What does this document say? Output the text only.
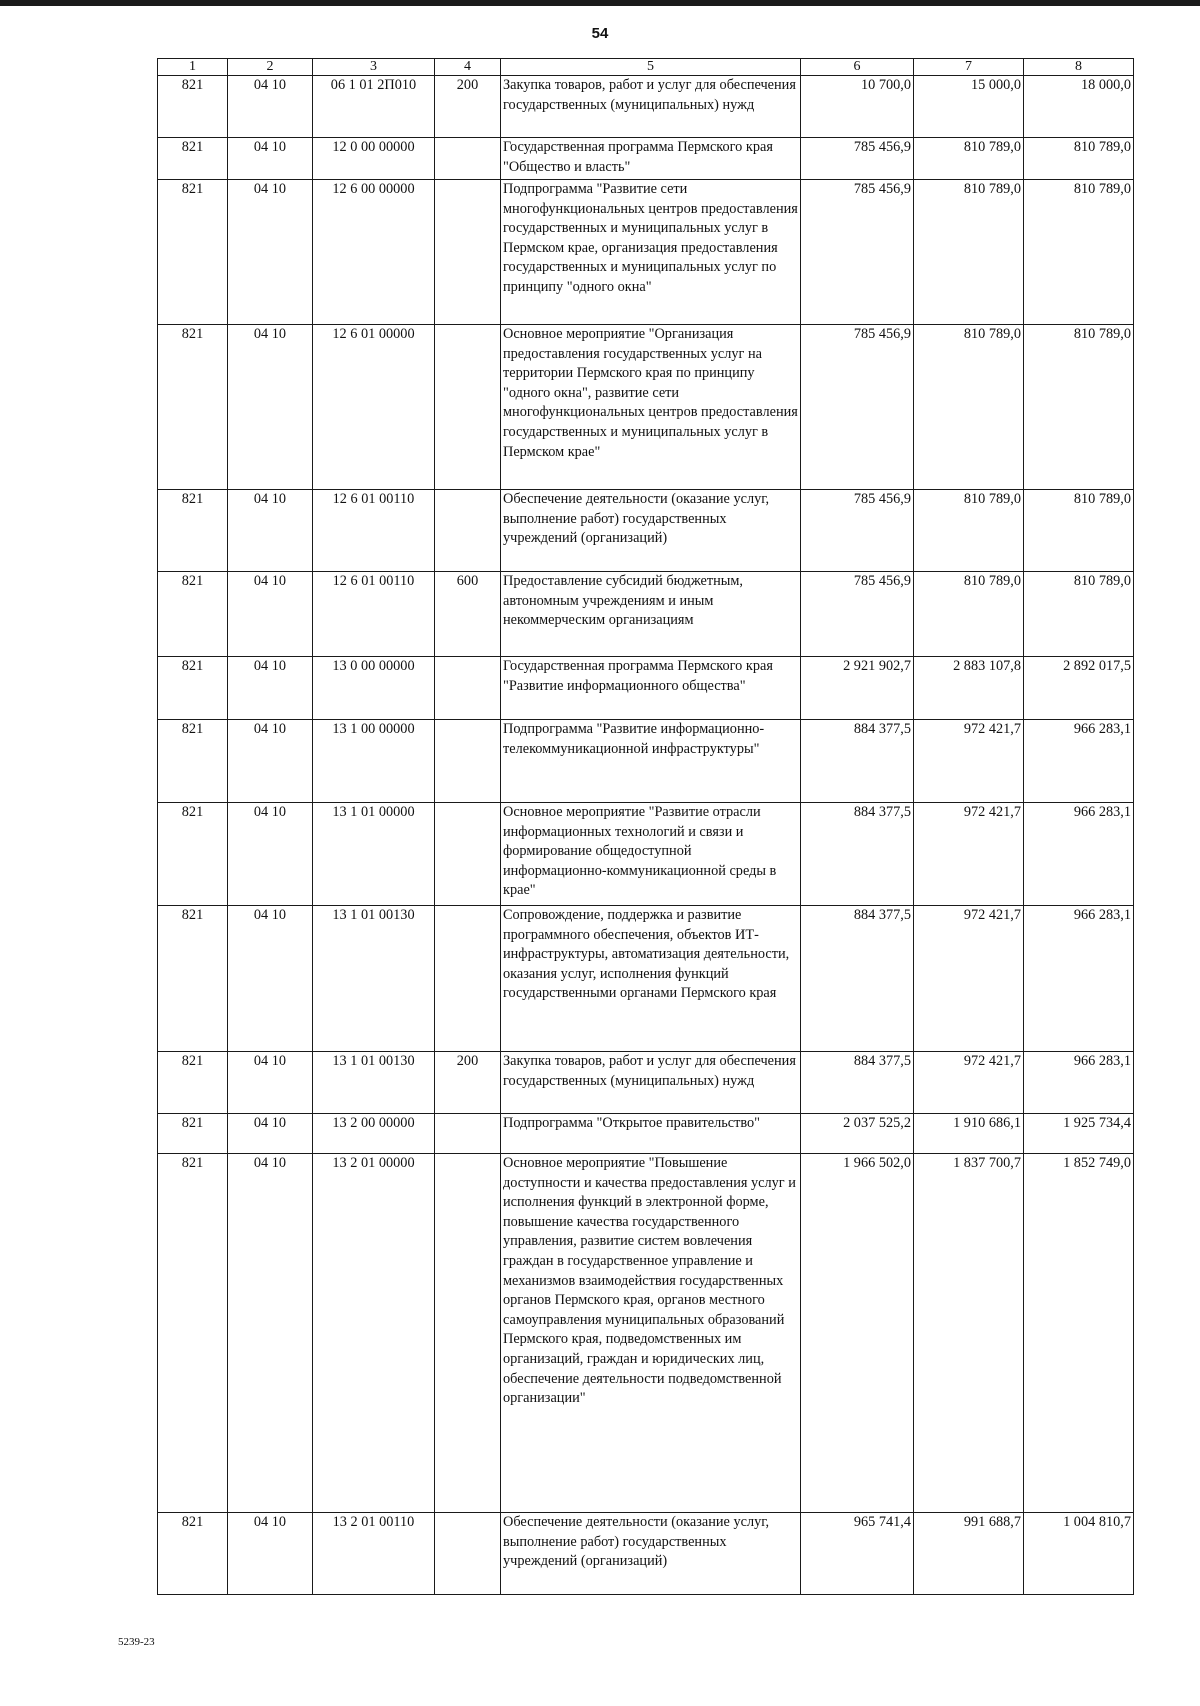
54
1	2	3	4	5	6	7	8
821	04 10	06 1 01 2П010	200	Закупка товаров, работ и услуг для обеспечения государственных (муниципальных) нужд	10 700,0	15 000,0	18 000,0
821	04 10	12 0 00 00000		Государственная программа Пермского края "Общество и власть"	785 456,9	810 789,0	810 789,0
821	04 10	12 6 00 00000		Подпрограмма "Развитие сети многофункциональных центров предоставления государственных и муниципальных услуг в Пермском крае, организация предоставления государственных и муниципальных услуг по принципу "одного окна"	785 456,9	810 789,0	810 789,0
821	04 10	12 6 01 00000		Основное мероприятие "Организация предоставления государственных услуг на территории Пермского края по принципу "одного окна", развитие сети многофункциональных центров предоставления государственных и муниципальных услуг в Пермском крае"	785 456,9	810 789,0	810 789,0
821	04 10	12 6 01 00110		Обеспечение деятельности (оказание услуг, выполнение работ) государственных учреждений (организаций)	785 456,9	810 789,0	810 789,0
821	04 10	12 6 01 00110	600	Предоставление субсидий бюджетным, автономным учреждениям и иным некоммерческим организациям	785 456,9	810 789,0	810 789,0
821	04 10	13 0 00 00000		Государственная программа Пермского края "Развитие информационного общества"	2 921 902,7	2 883 107,8	2 892 017,5
821	04 10	13 1 00 00000		Подпрограмма "Развитие информационно-телекоммуникационной инфраструктуры"	884 377,5	972 421,7	966 283,1
821	04 10	13 1 01 00000		Основное мероприятие "Развитие отрасли информационных технологий и связи и формирование общедоступной информационно-коммуникационной среды в крае"	884 377,5	972 421,7	966 283,1
821	04 10	13 1 01 00130		Сопровождение, поддержка и развитие программного обеспечения, объектов ИТ-инфраструктуры, автоматизация деятельности, оказания услуг, исполнения функций государственными органами Пермского края	884 377,5	972 421,7	966 283,1
821	04 10	13 1 01 00130	200	Закупка товаров, работ и услуг для обеспечения государственных (муниципальных) нужд	884 377,5	972 421,7	966 283,1
821	04 10	13 2 00 00000		Подпрограмма "Открытое правительство"	2 037 525,2	1 910 686,1	1 925 734,4
821	04 10	13 2 01 00000		Основное мероприятие "Повышение доступности и качества предоставления услуг и исполнения функций в электронной форме, повышение качества государственного управления, развитие систем вовлечения граждан в государственное управление и механизмов взаимодействия государственных органов Пермского края, органов местного самоуправления муниципальных образований Пермского края, подведомственных им организаций, граждан и юридических лиц, обеспечение деятельности подведомственной организации"	1 966 502,0	1 837 700,7	1 852 749,0
821	04 10	13 2 01 00110		Обеспечение деятельности (оказание услуг, выполнение работ) государственных учреждений (организаций)	965 741,4	991 688,7	1 004 810,7
5239-23
